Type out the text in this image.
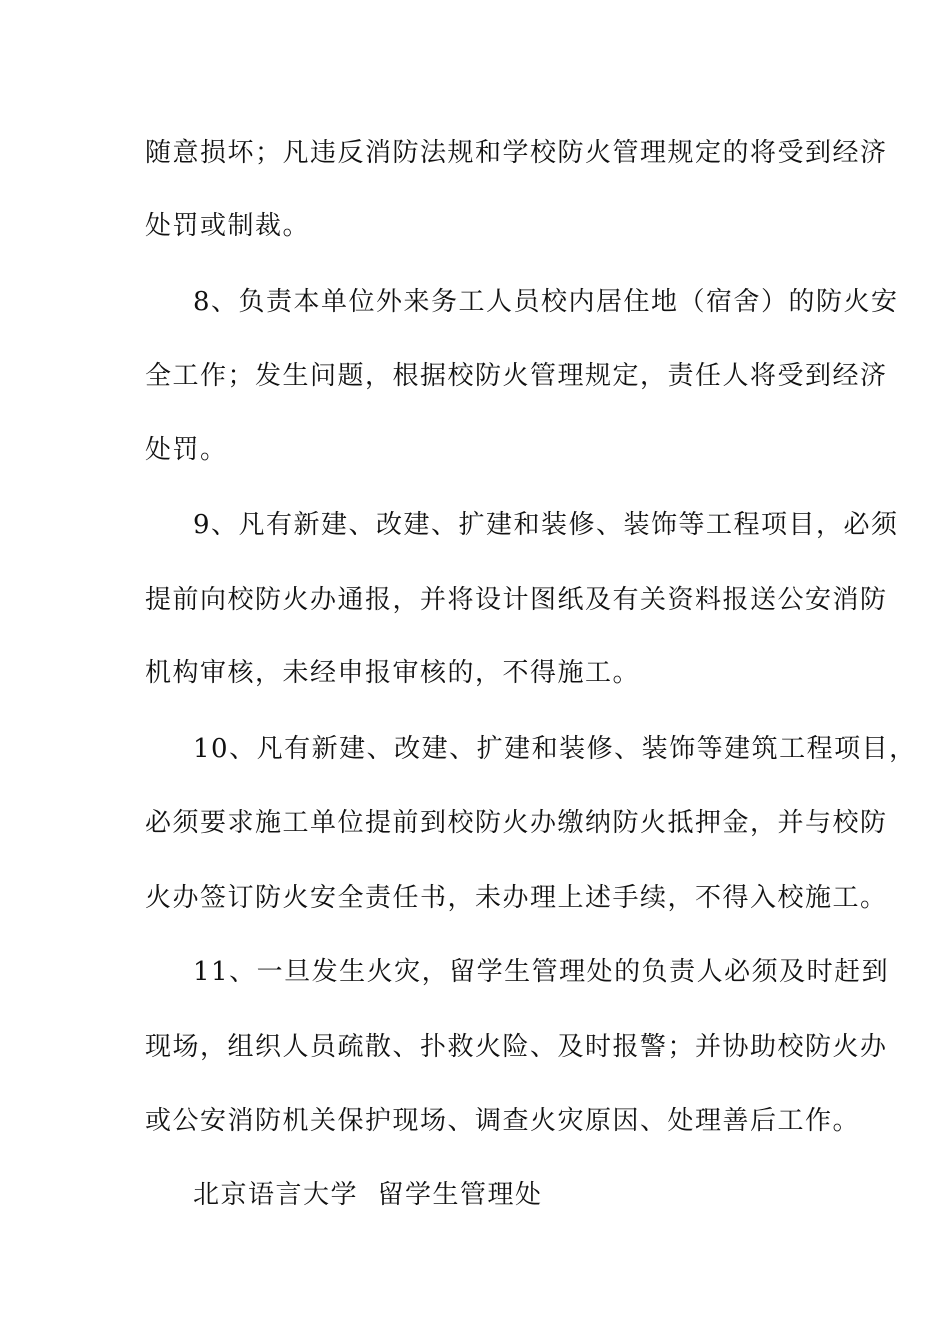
随意损坏；凡违反消防法规和学校防火管理规定的将受到经济
处罚或制裁。
8、负责本单位外来务工人员校内居住地（宿舍）的防火安
全工作；发生问题，根据校防火管理规定，责任人将受到经济
处罚。
9、凡有新建、改建、扩建和装修、装饰等工程项目，必须
提前向校防火办通报，并将设计图纸及有关资料报送公安消防
机构审核，未经申报审核的，不得施工。
10、凡有新建、改建、扩建和装修、装饰等建筑工程项目，
必须要求施工单位提前到校防火办缴纳防火抵押金，并与校防
火办签订防火安全责任书，未办理上述手续，不得入校施工。
11、一旦发生火灾，留学生管理处的负责人必须及时赶到
现场，组织人员疏散、扑救火险、及时报警；并协助校防火办
或公安消防机关保护现场、调查火灾原因、处理善后工作。
北京语言大学  留学生管理处
